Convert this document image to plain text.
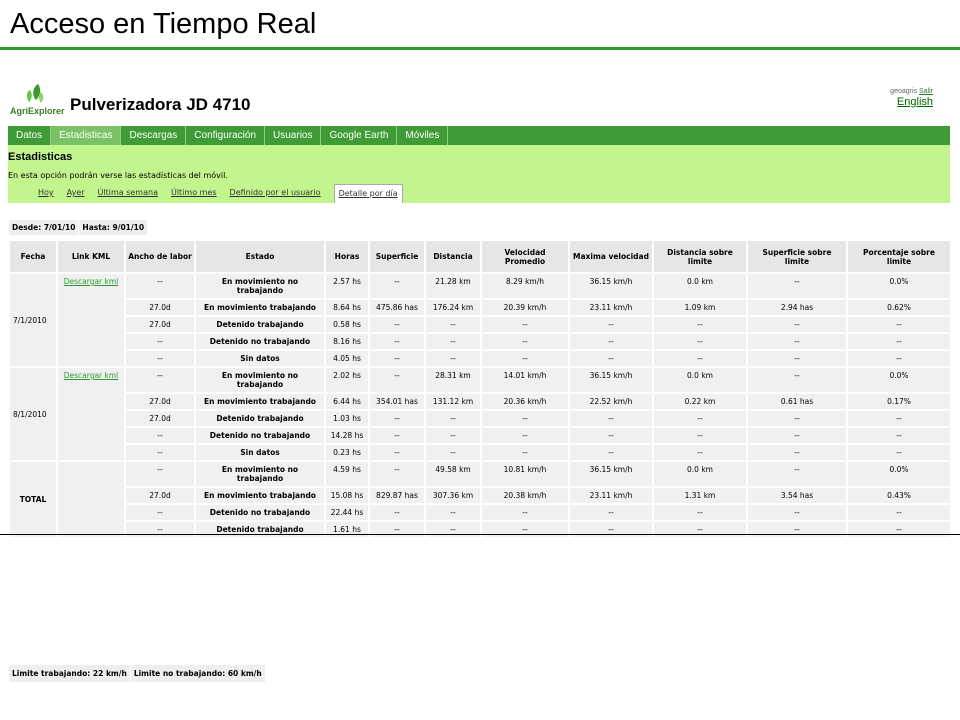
Acceso en Tiempo Real
AgriExplorer Pulverizadora JD 4710
geoagris Salir
English
Datos	Estadisticas	Descargas	Configuración	Usuarios	Google Earth	Móviles
Estadisticas
En esta opción podrán verse las estadísticas del móvil.
Hoy Ayer Última semana Último mes Definido por el usuario	Detalle por día
Desde: 7/01/10	Hasta: 9/01/10
Fecha	Link KML	Ancho de labor	Estado	Horas	Superficie	Distancia	Velocidad Promedio	Maxima velocidad	Distancia sobre limite	Superficie sobre limite	Porcentaje sobre limite
7/1/2010	Descargar kml	--	En movimiento no trabajando	2.57 hs	--	21.28 km	8.29 km/h	36.15 km/h	0.0 km	--	0.0%
		27.0d	En movimiento trabajando	8.64 hs	475.86 has	176.24 km	20.39 km/h	23.11 km/h	1.09 km	2.94 has	0.62%
		27.0d	Detenido trabajando	0.58 hs	--	--	--	--	--	--	--
		--	Detenido no trabajando	8.16 hs	--	--	--	--	--	--	--
		--	Sin datos	4.05 hs	--	--	--	--	--	--	--
8/1/2010	Descargar kml	--	En movimiento no trabajando	2.02 hs	--	28.31 km	14.01 km/h	36.15 km/h	0.0 km	--	0.0%
		27.0d	En movimiento trabajando	6.44 hs	354.01 has	131.12 km	20.36 km/h	22.52 km/h	0.22 km	0.61 has	0.17%
		27.0d	Detenido trabajando	1.03 hs	--	--	--	--	--	--	--
		--	Detenido no trabajando	14.28 hs	--	--	--	--	--	--	--
		--	Sin datos	0.23 hs	--	--	--	--	--	--	--
TOTAL		--	En movimiento no trabajando	4.59 hs	--	49.58 km	10.81 km/h	36.15 km/h	0.0 km	--	0.0%
		27.0d	En movimiento trabajando	15.08 hs	829.87 has	307.36 km	20.38 km/h	23.11 km/h	1.31 km	3.54 has	0.43%
		--	Detenido no trabajando	22.44 hs	--	--	--	--	--	--	--
		--	Detenido trabajando	1.61 hs	--	--	--	--	--	--	--
Limite trabajando: 22 km/h	Limite no trabajando: 60 km/h
